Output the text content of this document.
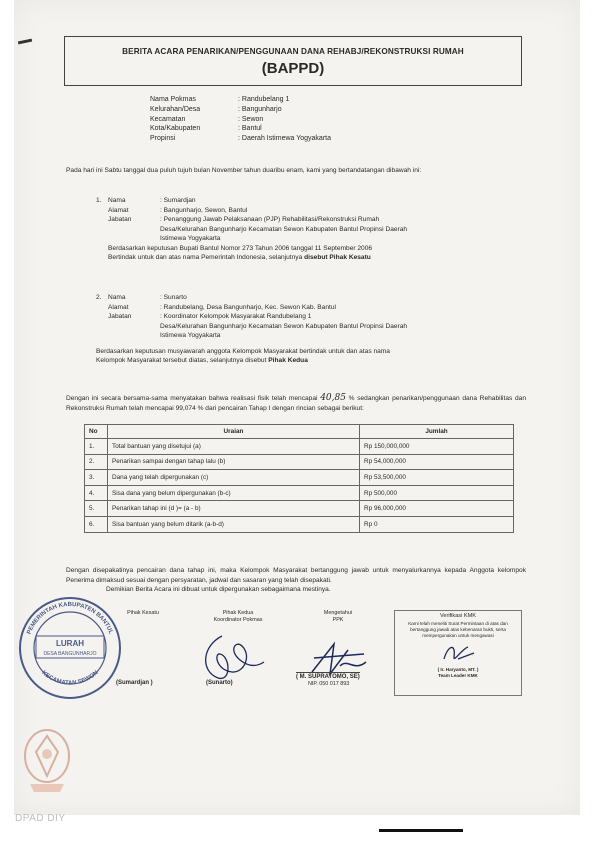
BERITA ACARA PENARIKAN/PENGGUNAAN DANA REHABJ/REKONSTRUKSI RUMAH
(BAPPD)
Nama Pokmas	: Randubelang 1
Kelurahan/Desa	: Bangunharjo
Kecamatan	: Sewon
Kota/Kabupaten	: Bantul
Propinsi	: Daerah Istimewa Yogyakarta
Pada hari ini Sabtu tanggal dua puluh tujuh bulan November tahun duaribu enam, kami yang bertandatangan dibawah ini:
1. Nama	: Sumardjan
Alamat	: Bangunharjo, Sewon, Bantul
Jabatan	: Penanggung Jawab Pelaksanaan (PJP) Rehabilitasi/Rekonstruksi Rumah
Desa/Kelurahan Bangunharjo Kecamatan Sewon Kabupaten Bantul Propinsi Daerah
Istimewa Yogyakarta
Berdasarkan keputusan Bupati Bantul Nomor 273 Tahun 2006 tanggal 11 September 2006
Bertindak untuk dan atas nama Pemerintah Indonesia, selanjutnya disebut Pihak Kesatu
2. Nama	: Sunarto
Alamat	: Randubelang, Desa Bangunharjo, Kec. Sewon Kab. Bantul
Jabatan	: Koordinator Kelompok Masyarakat Randubelang 1
Desa/Kelurahan Bangunharjo Kecamatan Sewon Kabupaten Bantul Propinsi Daerah
Istimewa Yogyakarta
Berdasarkan keputusan musyawarah anggota Kelompok Masyarakat bertindak untuk dan atas nama
Kelompok Masyarakat tersebut diatas, selanjutnya disebut Pihak Kedua
Dengan ini secara bersama-sama menyatakan bahwa realisasi fisik telah mencapai 40,85 % sedangkan penarikan/penggunaan dana Rehabilitas dan Rekonstruksi Rumah telah mencapai 99,074 % dari pencairan Tahap I dengan rincian sebagai berikut:
No	Uraian	Jumlah
1.	Total bantuan yang disetujui (a)	Rp 150,000,000
2.	Penarikan sampai dengan tahap lalu (b)	Rp 54,000,000
3.	Dana yang telah dipergunakan (c)	Rp 53,500,000
4.	Sisa dana yang belum dipergunakan (b-c)	Rp 500,000
5.	Penarikan tahap ini (d )= (a - b)	Rp 96,000,000
6.	Sisa bantuan yang belum ditarik (a-b-d)	Rp 0
Dengan disepakatinya pencairan dana tahap ini, maka Kelompok Masyarakat bertanggung jawab untuk menyalurkannya kepada Anggota kelompok Penerima dimaksud sesuai dengan persyaratan, jadwal dan sasaran yang telah disepakati.
Demikian Berita Acara ini dibuat untuk dipergunakan sebagaimana mestinya.
Pihak Kesatu	Pihak Kedua
Koordinator Pokmas
Mengetahui
PPK
(Sumardjan )	(Sunarto)
( M. SUPRATOMO, SE)
NIP. 050 017 893
Verifikasi KMK
Kami telah meneliti Surat Permintaan di atas dan bertanggung jawab atas kebenaran bukti, serta mempergunakan untuk mengawasi
( Ir. Haryanto, MT. )
Team Leader KMK
LURAH
DESA BANGUNHARJO
PEMERINTAH KABUPATEN BANTUL
KECAMATAN SEWON
DPAD DIY
